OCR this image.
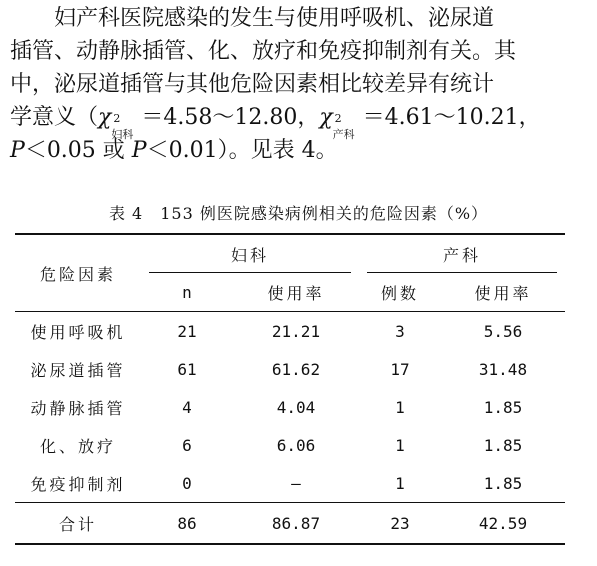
妇产科医院感染的发生与使用呼吸机、泌尿道
插管、动静脉插管、化、放疗和免疫抑制剂有关。其
中，泌尿道插管与其他危险因素相比较差异有统计
学意义（χ 2
妇科
＝4.58～12.80，χ 2
产科
＝4.61～10.21，
P＜0.05 或 P＜0.01）。见表 4。
表 4　153 例医院感染病例相关的危险因素（%）
危险因素	妇科		产科	
	n	使用率	例数	使用率
使用呼吸机	21	21.21	3	5.56
泌尿道插管	61	61.62	17	31.48
动静脉插管	4	4.04	1	1.85
化、放疗	6	6.06	1	1.85
免疫抑制剂	0	—	1	1.85
合计	86	86.87	23	42.59
